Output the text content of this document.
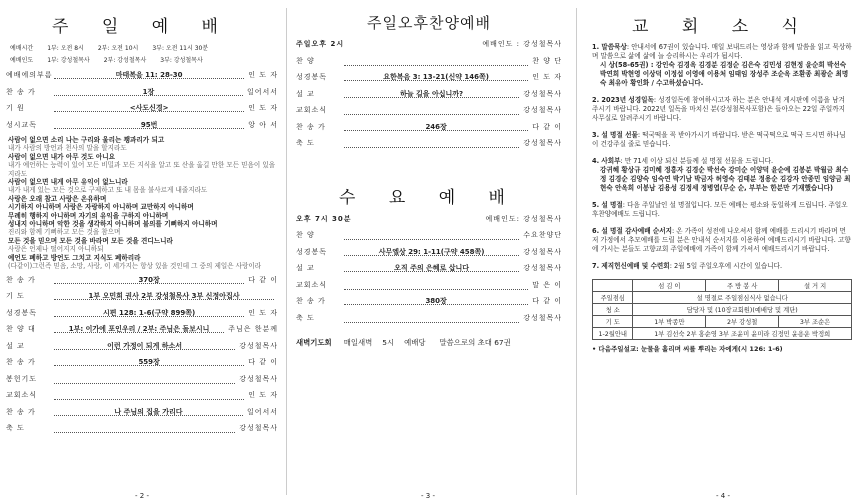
주 일 예 배
예배시간 1부: 오전 8시 2부: 오전 10시 3부: 오전 11시 30분
예배인도 1부: 강성철목사 2부: 강성철목사 3부: 강성철목사
예배에의부름	마태복음 11: 28-30	인 도 자
찬 송 가	1장	일어서서
기 원	<사도신경>	인 도 자
성시교독	95번	앙 아 서
사람이 없으면 소리 나는 구리와 울리는 꽹과리가 되고
내가 사람의 방언과 천사의 말을 할지라도
사람이 없으면 내가 아무 것도 아니요
내가 예언하는 능력이 있어 모든 비밀과 모든 지식을 알고 또 산을 옮길 만한 모든 믿음이 있을지라도
사람이 없으면 내게 아무 유익이 없느니라
내가 내게 있는 모든 것으로 구제하고 또 내 몸을 불사르게 내줄지라도
사랑은 오래 참고 사랑은 온유하며
시기하지 아니하며 사랑은 자랑하지 아니하며 교만하지 아니하며
무례히 행하지 아니하며 자기의 유익을 구하지 아니하며
성내지 아니하며 악한 것을 생각하지 아니하며 불의를 기뻐하지 아니하며
진리와 함께 기뻐하고 모든 것을 참으며
모든 것을 믿으며 모든 것을 바라며 모든 것을 견디느니라
사랑은 언제나 떨어지지 아니하되
예언도 폐하고 방언도 그치고 지식도 폐하리라
(다같이)그런즉 믿음, 소망, 사랑, 이 세가지는 항상 있을 것인데 그 중의 제일은 사랑이라
찬 송 가	370장	다 같 이
기 도	1부 오민희 권사 2부 강성철목사 3부 신정아집사
성경봉독	시편 128: 1-6(구약 899쪽)	인 도 자
찬 양 대	1부: 이가에 포인우리 / 2부: 주님은 돌보시니	주님은 한분께
설 교	이런 가정이 되게 하소서	강성철목사
찬 송 가	559장	다 같 이
봉헌기도	강성철목사
교회소식	인 도 자
찬 송 가	나 주님의 집을 가리다	일어서서
축 도	강성철목사
- 2 -
주일오후찬양예배
주일오후 2시	예배인도 : 강성철목사
찬 양	찬 양 단
성경봉독	요한복음 3: 13-21(신약 146쪽)	인 도 자
설 교	하늘 길을 아십니까?	강성철목사
교회소식	강성철목사
찬 송 가	246장	다 같 이
축 도	강성철목사
수 요 예 배
오후 7시 30분	예배인도: 강성철목사
찬 양	수요찬양단
성경봉독	사무엘상 29: 1-11(구약 458쪽)	강성철목사
설 교	오직 주의 은혜로 삽니다	강성철목사
교회소식	말 은 이
찬 송 가	380장	다 같 이
축 도	강성철목사
새벽기도회 매일새벽 5시 예배당 말씀으로의 초대 67권
- 3 -
교 회 소 식
1. 말씀묵상: 안내서에 67권이 있습니다. 매일 보내드리는 영상과 함께 말씀을 읽고 묵상하며 말씀으로 삶에 삶에 늘 승리하시는 우리가 됩시다.
시 상(58-65권) : 강인숙 김경옥 김경분 김정순 김은숙 김민성 김현정 윤순희 박선숙 박연희 박현영 이상덕 이정섭 이영애 이용처 임태임 장성주 조순옥 조환종 최광순 최명숙 최유아 황인화 / 수고하셨습니다.
2. 2023년 성경일독: 성경일독에 참여하시고자 하는 분은 안내석 게시판에 이름을 남겨 주시기 바랍니다. 2022년 일독을 마치신 분(강성철목사포함)은 들아오는 22일 주일까지 사무실로 알려주시기 바랍니다.
3. 설 명절 선물: 떡국떡을 꼭 받아가시기 바랍니다. 받은 떡국떡으로 떡국 드시면 하나님이 건강주실 줄로 믿습니다.
4. 사회부: 만 71세 이상 되신 분들께 설 명절 선물을 드립니다.
강귀혜 황상규 김미혜 정흥자 김경순 박선숙 강미순 이양덕 윤순예 김봉분 박월금 최수정 김경순 김양숙 임숙연 박기남 박금자 허영숙 김태분 정용순 김강자 안종민 임양금 최현숙 안옥희 이봉남 김용성 김정세 정병엽(무순 순, 부부는 한분만 기재했습니다)
5. 설 명절: 다음 주일날인 설 명절입니다. 모든 예배는 평소와 동일하게 드립니다. 주일오후찬양예배도 드립니다.
6. 설 명절 감사예배 순서지: 온 가족이 성전에 나오셔서 함께 예배를 드리시기 바라며 먼저 가정에서 추모예배를 드릴 분은 안내석 순서지를 이용하여 예배드리시기 바랍니다. 고향에 가시는 분들도 고향교회 주일예배에 가족이 함께 가셔서 예배드리시기 바랍니다.
7. 제직헌신예배 및 수련회: 2월 5일 주일오후에 시간이 있습니다.
	섬 김 이	주 방 봉 사	설 거 지
주일점심	설 명절로 주일점심식사 없습니다		
청 소	담당자 및 (10장교회원)(예배당 및 계단)		
기 도	1부 박종만	2부 강성철	3부 조순은
1-2월안내	1부 김선숙 2부 홍순영 3부 조윤미 윤미라 김정민 윤용운 박정희		
• 다음주일설교: 눈물을 흘리며 씨를 뿌리는 자에게(시 126: 1-6)
- 4 -
